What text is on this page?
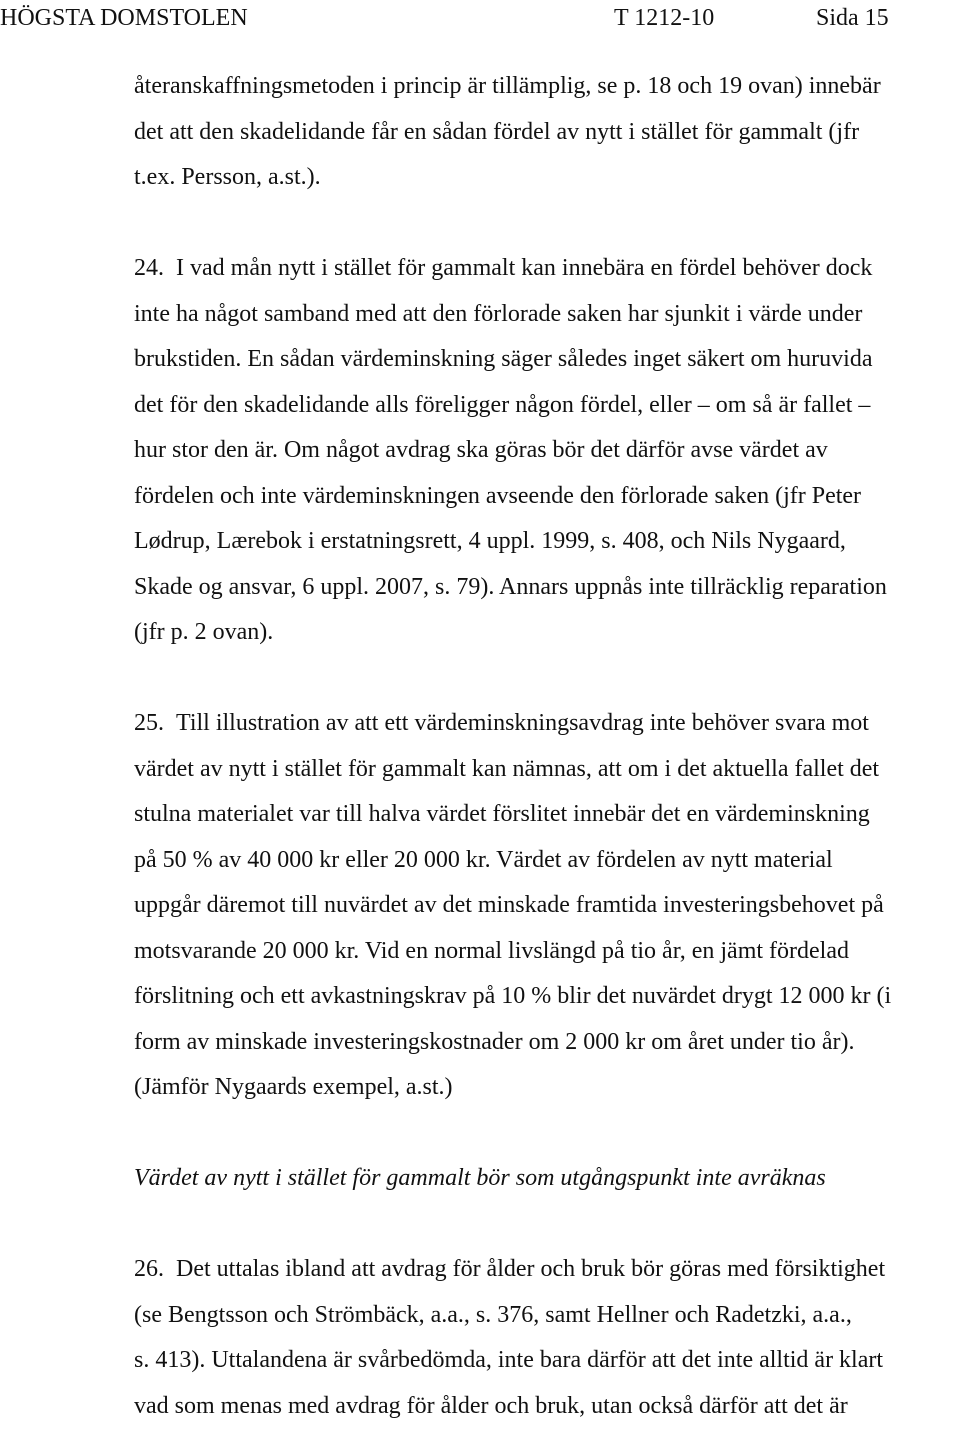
HÖGSTA DOMSTOLEN	T 1212-10	Sida 15

återanskaffningsmetoden i princip är tillämplig, se p. 18 och 19 ovan) innebär

det att den skadelidande får en sådan fördel av nytt i stället för gammalt (jfr

t.ex. Persson, a.st.).

24. I vad mån nytt i stället för gammalt kan innebära en fördel behöver dock

inte ha något samband med att den förlorade saken har sjunkit i värde under

brukstiden. En sådan värdeminskning säger således inget säkert om huruvida

det för den skadelidande alls föreligger någon fördel, eller – om så är fallet –

hur stor den är. Om något avdrag ska göras bör det därför avse värdet av

fördelen och inte värdeminskningen avseende den förlorade saken (jfr Peter

Lødrup, Lærebok i erstatningsrett, 4 uppl. 1999, s. 408, och Nils Nygaard,

Skade og ansvar, 6 uppl. 2007, s. 79). Annars uppnås inte tillräcklig reparation

(jfr p. 2 ovan).

25. Till illustration av att ett värdeminskningsavdrag inte behöver svara mot

värdet av nytt i stället för gammalt kan nämnas, att om i det aktuella fallet det

stulna materialet var till halva värdet förslitet innebär det en värdeminskning

på 50 % av 40 000 kr eller 20 000 kr. Värdet av fördelen av nytt material

uppgår däremot till nuvärdet av det minskade framtida investeringsbehovet på

motsvarande 20 000 kr. Vid en normal livslängd på tio år, en jämt fördelad

förslitning och ett avkastningskrav på 10 % blir det nuvärdet drygt 12 000 kr (i

form av minskade investeringskostnader om 2 000 kr om året under tio år).

(Jämför Nygaards exempel, a.st.)

Värdet av nytt i stället för gammalt bör som utgångspunkt inte avräknas

26. Det uttalas ibland att avdrag för ålder och bruk bör göras med försiktighet

(se Bengtsson och Strömbäck, a.a., s. 376, samt Hellner och Radetzki, a.a.,

s. 413). Uttalandena är svårbedömda, inte bara därför att det inte alltid är klart

vad som menas med avdrag för ålder och bruk, utan också därför att det är
